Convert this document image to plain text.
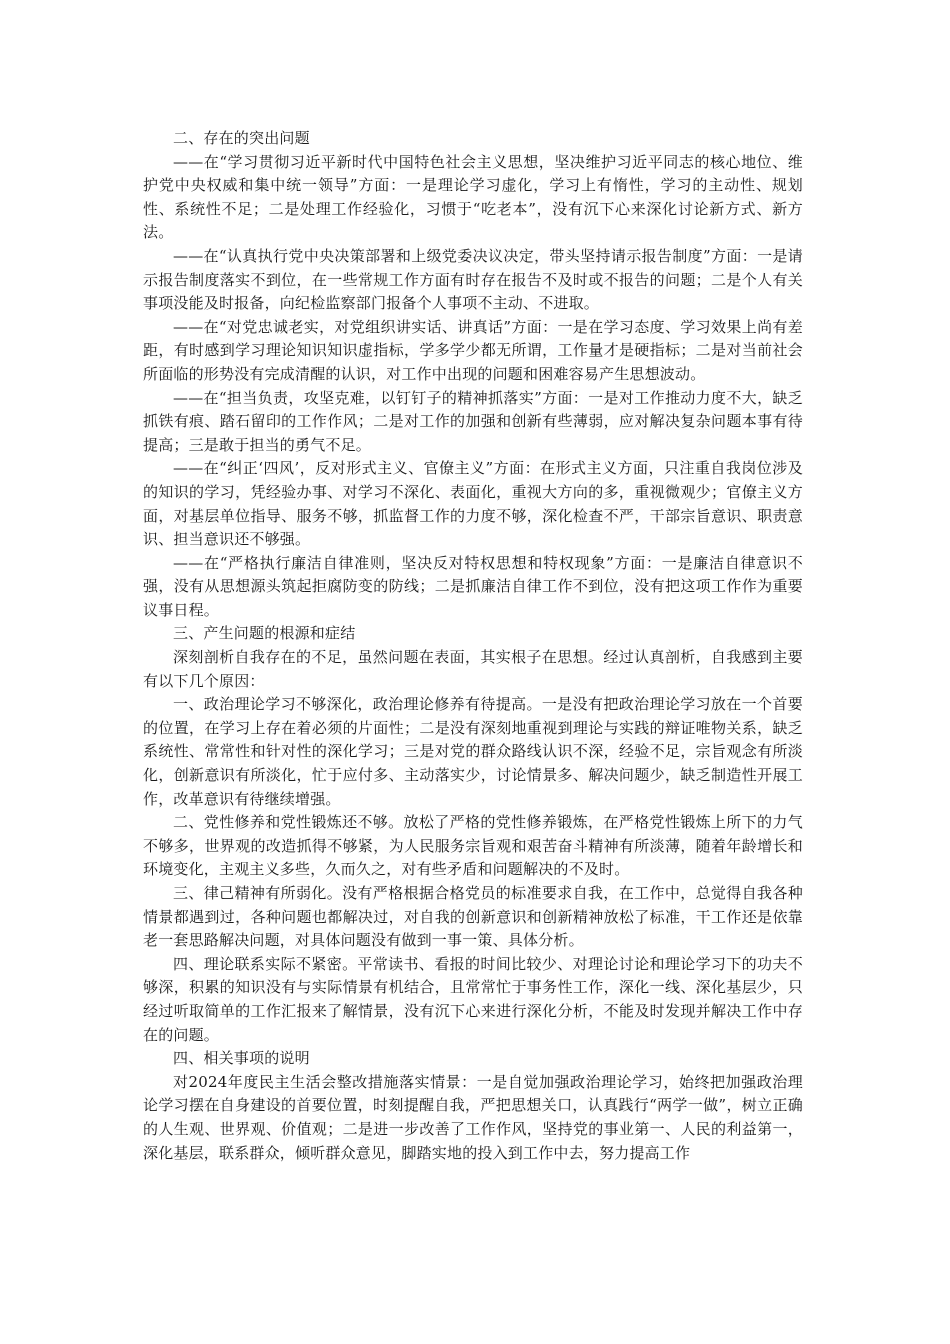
二、存在的突出问题

——在“学习贯彻习近平新时代中国特色社会主义思想，坚决维护习近平同志的核心地位、维护党中央权威和集中统一领导”方面：一是理论学习虚化，学习上有惰性，学习的主动性、规划性、系统性不足；二是处理工作经验化，习惯于“吃老本”，没有沉下心来深化讨论新方式、新方法。

——在“认真执行党中央决策部署和上级党委决议决定，带头坚持请示报告制度”方面：一是请示报告制度落实不到位，在一些常规工作方面有时存在报告不及时或不报告的问题；二是个人有关事项没能及时报备，向纪检监察部门报备个人事项不主动、不进取。

——在“对党忠诚老实，对党组织讲实话、讲真话”方面：一是在学习态度、学习效果上尚有差距，有时感到学习理论知识知识虚指标，学多学少都无所谓，工作量才是硬指标；二是对当前社会所面临的形势没有完成清醒的认识，对工作中出现的问题和困难容易产生思想波动。

——在“担当负责，攻坚克难，以钉钉子的精神抓落实”方面：一是对工作推动力度不大，缺乏抓铁有痕、踏石留印的工作作风；二是对工作的加强和创新有些薄弱，应对解决复杂问题本事有待提高；三是敢于担当的勇气不足。

——在“纠正‘四风’，反对形式主义、官僚主义”方面：在形式主义方面，只注重自我岗位涉及的知识的学习，凭经验办事、对学习不深化、表面化，重视大方向的多，重视微观少；官僚主义方面，对基层单位指导、服务不够，抓监督工作的力度不够，深化检查不严，干部宗旨意识、职责意识、担当意识还不够强。

——在“严格执行廉洁自律准则，坚决反对特权思想和特权现象”方面：一是廉洁自律意识不强，没有从思想源头筑起拒腐防变的防线；二是抓廉洁自律工作不到位，没有把这项工作作为重要议事日程。

三、产生问题的根源和症结

深刻剖析自我存在的不足，虽然问题在表面，其实根子在思想。经过认真剖析，自我感到主要有以下几个原因：

一、政治理论学习不够深化，政治理论修养有待提高。一是没有把政治理论学习放在一个首要的位置，在学习上存在着必须的片面性；二是没有深刻地重视到理论与实践的辩证唯物关系，缺乏系统性、常常性和针对性的深化学习；三是对党的群众路线认识不深，经验不足，宗旨观念有所淡化，创新意识有所淡化，忙于应付多、主动落实少，讨论情景多、解决问题少，缺乏制造性开展工作，改革意识有待继续增强。

二、党性修养和党性锻炼还不够。放松了严格的党性修养锻炼，在严格党性锻炼上所下的力气不够多，世界观的改造抓得不够紧，为人民服务宗旨观和艰苦奋斗精神有所淡薄，随着年龄增长和环境变化，主观主义多些，久而久之，对有些矛盾和问题解决的不及时。

三、律己精神有所弱化。没有严格根据合格党员的标准要求自我，在工作中，总觉得自我各种情景都遇到过，各种问题也都解决过，对自我的创新意识和创新精神放松了标准，干工作还是依靠老一套思路解决问题，对具体问题没有做到一事一策、具体分析。

四、理论联系实际不紧密。平常读书、看报的时间比较少、对理论讨论和理论学习下的功夫不够深，积累的知识没有与实际情景有机结合，且常常忙于事务性工作，深化一线、深化基层少，只经过听取简单的工作汇报来了解情景，没有沉下心来进行深化分析，不能及时发现并解决工作中存在的问题。

四、相关事项的说明

对2024年度民主生活会整改措施落实情景：一是自觉加强政治理论学习，始终把加强政治理论学习摆在自身建设的首要位置，时刻提醒自我，严把思想关口，认真践行“两学一做”，树立正确的人生观、世界观、价值观；二是进一步改善了工作作风，坚持党的事业第一、人民的利益第一，深化基层，联系群众，倾听群众意见，脚踏实地的投入到工作中去，努力提高工作
